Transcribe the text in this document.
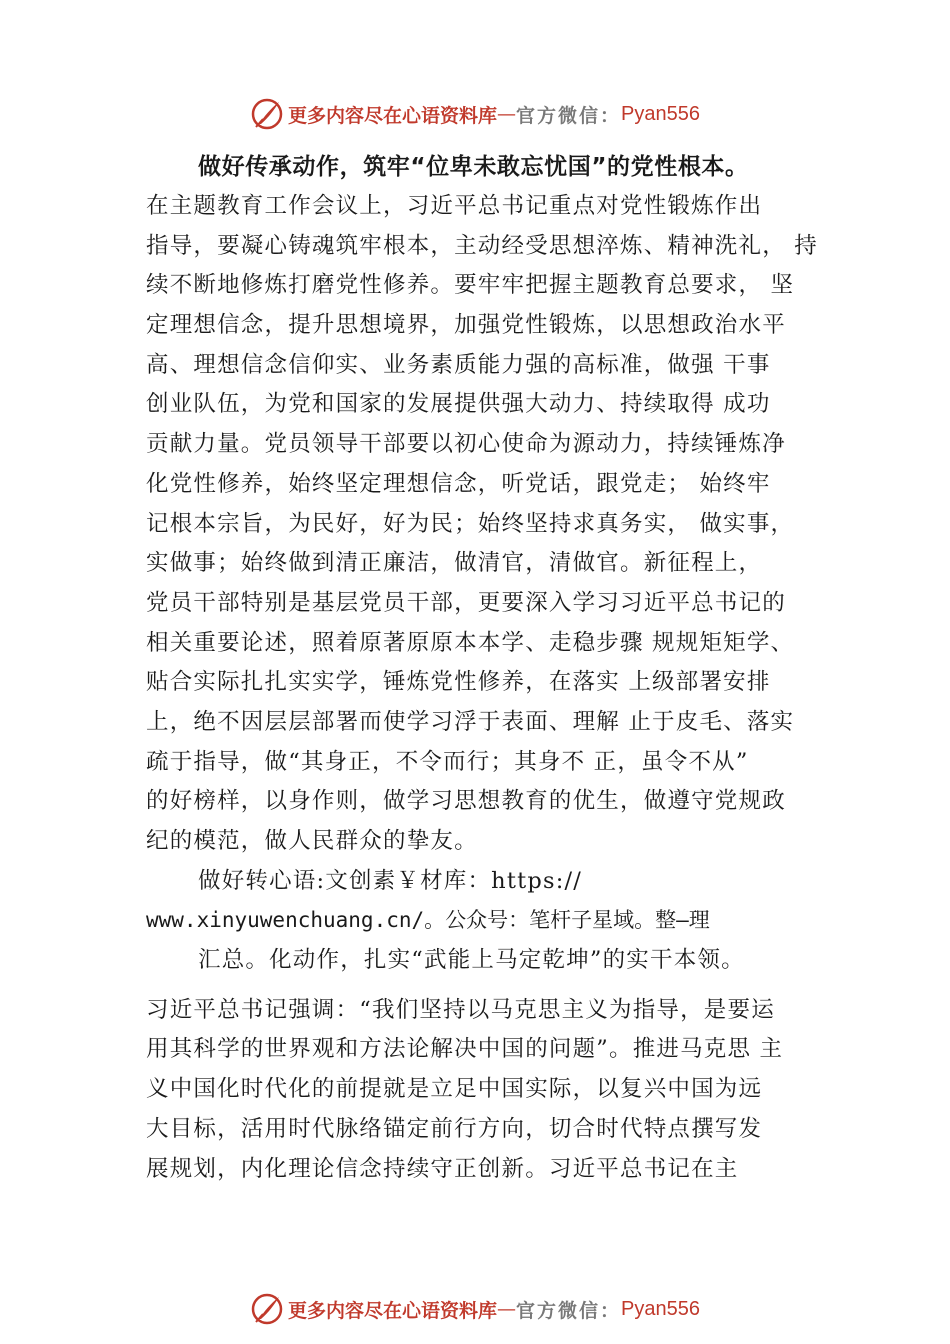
更多内容尽在心语资料库 — 官方微信： Pyan556
做好传承动作，筑牢“位卑未敢忘忧国”的党性根本。
在主题教育工作会议上，习近平总书记重点对党性锻炼作出
指导，要凝心铸魂筑牢根本，主动经受思想淬炼、精神洗礼， 持
续不断地修炼打磨党性修养。要牢牢把握主题教育总要求， 坚
定理想信念，提升思想境界，加强党性锻炼，以思想政治水平
高、理想信念信仰实、业务素质能力强的高标准，做强 干事
创业队伍，为党和国家的发展提供强大动力、持续取得 成功
贡献力量。党员领导干部要以初心使命为源动力，持续锤炼净
化党性修养，始终坚定理想信念，听党话，跟党走； 始终牢
记根本宗旨，为民好，好为民；始终坚持求真务实， 做实事，
实做事；始终做到清正廉洁，做清官，清做官。新征程上，
党员干部特别是基层党员干部，更要深入学习习近平总书记的
相关重要论述，照着原著原原本本学、走稳步骤 规规矩矩学、
贴合实际扎扎实实学，锤炼党性修养，在落实 上级部署安排
上，绝不因层层部署而使学习浮于表面、理解 止于皮毛、落实
疏于指导，做“其身正，不令而行；其身不 正，虽令不从”
的好榜样，以身作则，做学习思想教育的优生，做遵守党规政
纪的模范，做人民群众的挚友。
做好转心语:文创素￥材库：https://
www.xinyuwenchuang.cn/。公众号：笔杆子星域。整—理
汇总。化动作，扎实“武能上马定乾坤”的实干本领。
习近平总书记强调：“我们坚持以马克思主义为指导，是要运
用其科学的世界观和方法论解决中国的问题”。推进马克思 主
义中国化时代化的前提就是立足中国实际，以复兴中国为远
大目标，活用时代脉络锚定前行方向，切合时代特点撰写发
展规划，内化理论信念持续守正创新。习近平总书记在主
更多内容尽在心语资料库 — 官方微信： Pyan556
